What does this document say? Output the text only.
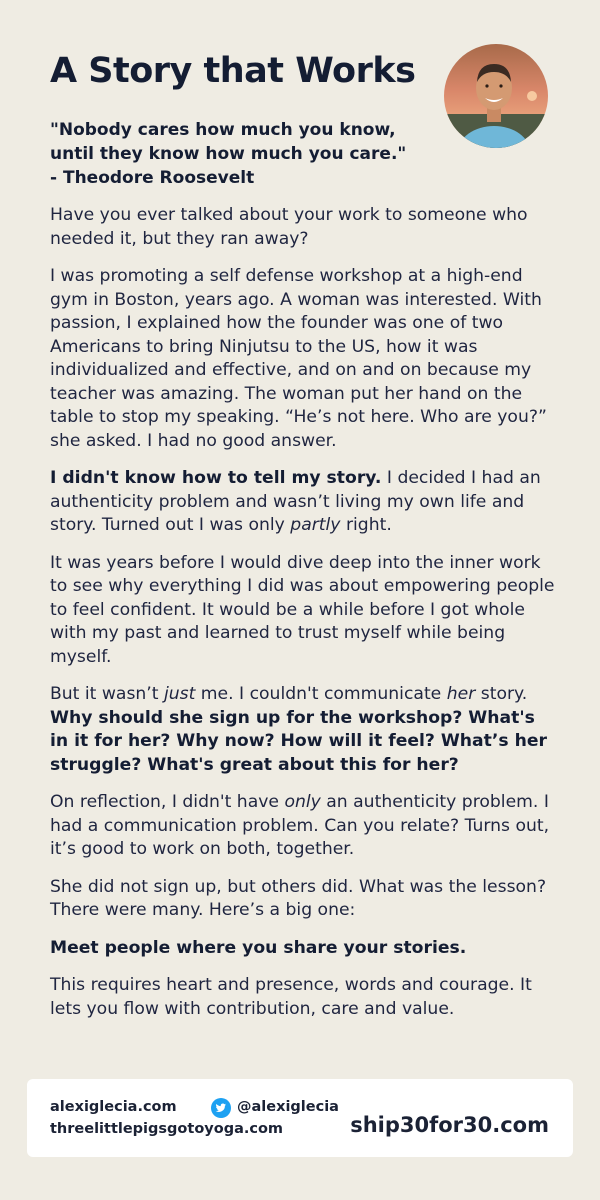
A Story that Works

"Nobody cares how much you know,
until they know how much you care."
- Theodore Roosevelt

Have you ever talked about your work to someone who needed it, but they ran away?

I was promoting a self defense workshop at a high-end gym in Boston, years ago. A woman was interested. With passion, I explained how the founder was one of two Americans to bring Ninjutsu to the US, how it was individualized and effective, and on and on because my teacher was amazing. The woman put her hand on the table to stop my speaking. “He’s not here. Who are you?” she asked. I had no good answer.

I didn't know how to tell my story. I decided I had an authenticity problem and wasn’t living my own life and story. Turned out I was only partly right.

It was years before I would dive deep into the inner work to see why everything I did was about empowering people to feel confident. It would be a while before I got whole with my past and learned to trust myself while being myself.

But it wasn’t just me. I couldn't communicate her story. Why should she sign up for the workshop? What's in it for her? Why now? How will it feel? What’s her struggle? What's great about this for her?

On reflection, I didn't have only an authenticity problem. I had a communication problem. Can you relate? Turns out, it’s good to work on both, together.

She did not sign up, but others did. What was the lesson? There were many. Here’s a big one:

Meet people where you share your stories.

This requires heart and presence, words and courage. It lets you flow with contribution, care and value.

alexiglecia.com	@alexiglecia
threelittlepigsgotoyoga.com	ship30for30.com
